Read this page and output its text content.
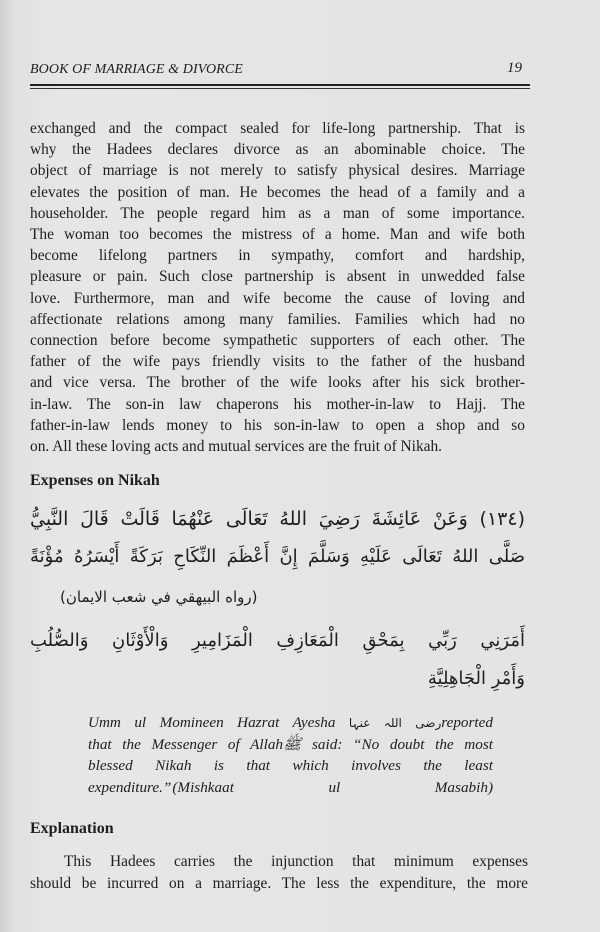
BOOK OF MARRIAGE & DIVORCE	19
exchanged and the compact sealed for life-long partnership. That is
why the Hadees declares divorce as an abominable choice. The
object of marriage is not merely to satisfy physical desires. Marriage
elevates the position of man. He becomes the head of a family and a
householder. The people regard him as a man of some importance.
The woman too becomes the mistress of a home. Man and wife both
become lifelong partners in sympathy, comfort and hardship,
pleasure or pain. Such close partnership is absent in unwedded false
love. Furthermore, man and wife become the cause of loving and
affectionate relations among many families. Families which had no
connection before become sympathetic supporters of each other. The
father of the wife pays friendly visits to the father of the husband
and vice versa. The brother of the wife looks after his sick brother-
in-law. The son-in law chaperons his mother-in-law to Hajj. The
father-in-law lends money to his son-in-law to open a shop and so
on. All these loving acts and mutual services are the fruit of Nikah.
Expenses on Nikah
(١٣٤) وَعَنْ عَائِشَةَ رَضِيَ اللهُ تَعَالَى عَنْهُمَا قَالَتْ قَالَ النَّبِيُّ
صَلَّى اللهُ تَعَالَى عَلَيْهِ وَسَلَّمَ إِنَّ أَعْظَمَ النِّكَاحِ بَرَكَةً أَيْسَرُهُ مُؤْنَةً
(رواه البيهقي في شعب الايمان)
أَمَرَنِي رَبِّي بِمَحْقِ الْمَعَازِفِ الْمَزَامِيرِ وَالْأَوْثَانِ وَالصُّلُبِ
وَأَمْرِ الْجَاهِلِيَّةِ
Umm ul Momineen Hazrat Ayesha رضی اللہ عنہاreported
that the Messenger of Allahﷺ said: “No doubt the most
blessed Nikah is that which involves the least
expenditure.”(Mishkaat ul Masabih)
Explanation
This Hadees carries the injunction that minimum expenses
should be incurred on a marriage. The less the expenditure, the more
